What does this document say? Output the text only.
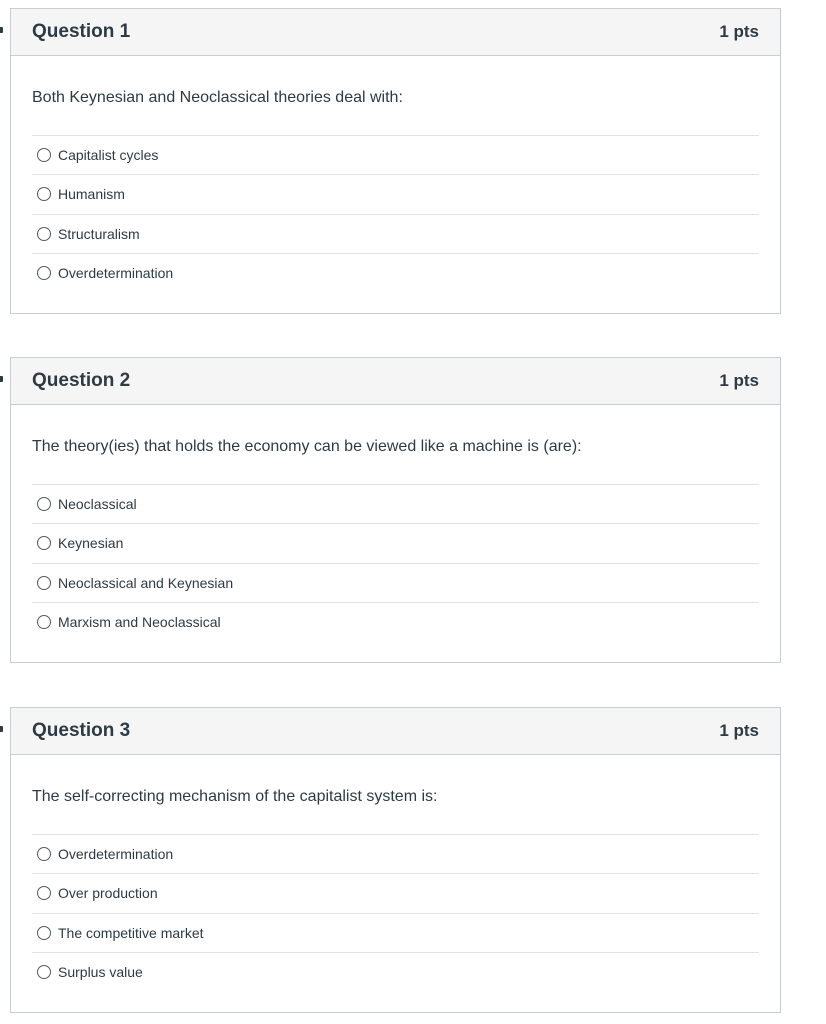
Question 1	1 pts
Both Keynesian and Neoclassical theories deal with:
Capitalist cycles
Humanism
Structuralism
Overdetermination
Question 2	1 pts
The theory(ies) that holds the economy can be viewed like a machine is (are):
Neoclassical
Keynesian
Neoclassical and Keynesian
Marxism and Neoclassical
Question 3	1 pts
The self-correcting mechanism of the capitalist system is:
Overdetermination
Over production
The competitive market
Surplus value
